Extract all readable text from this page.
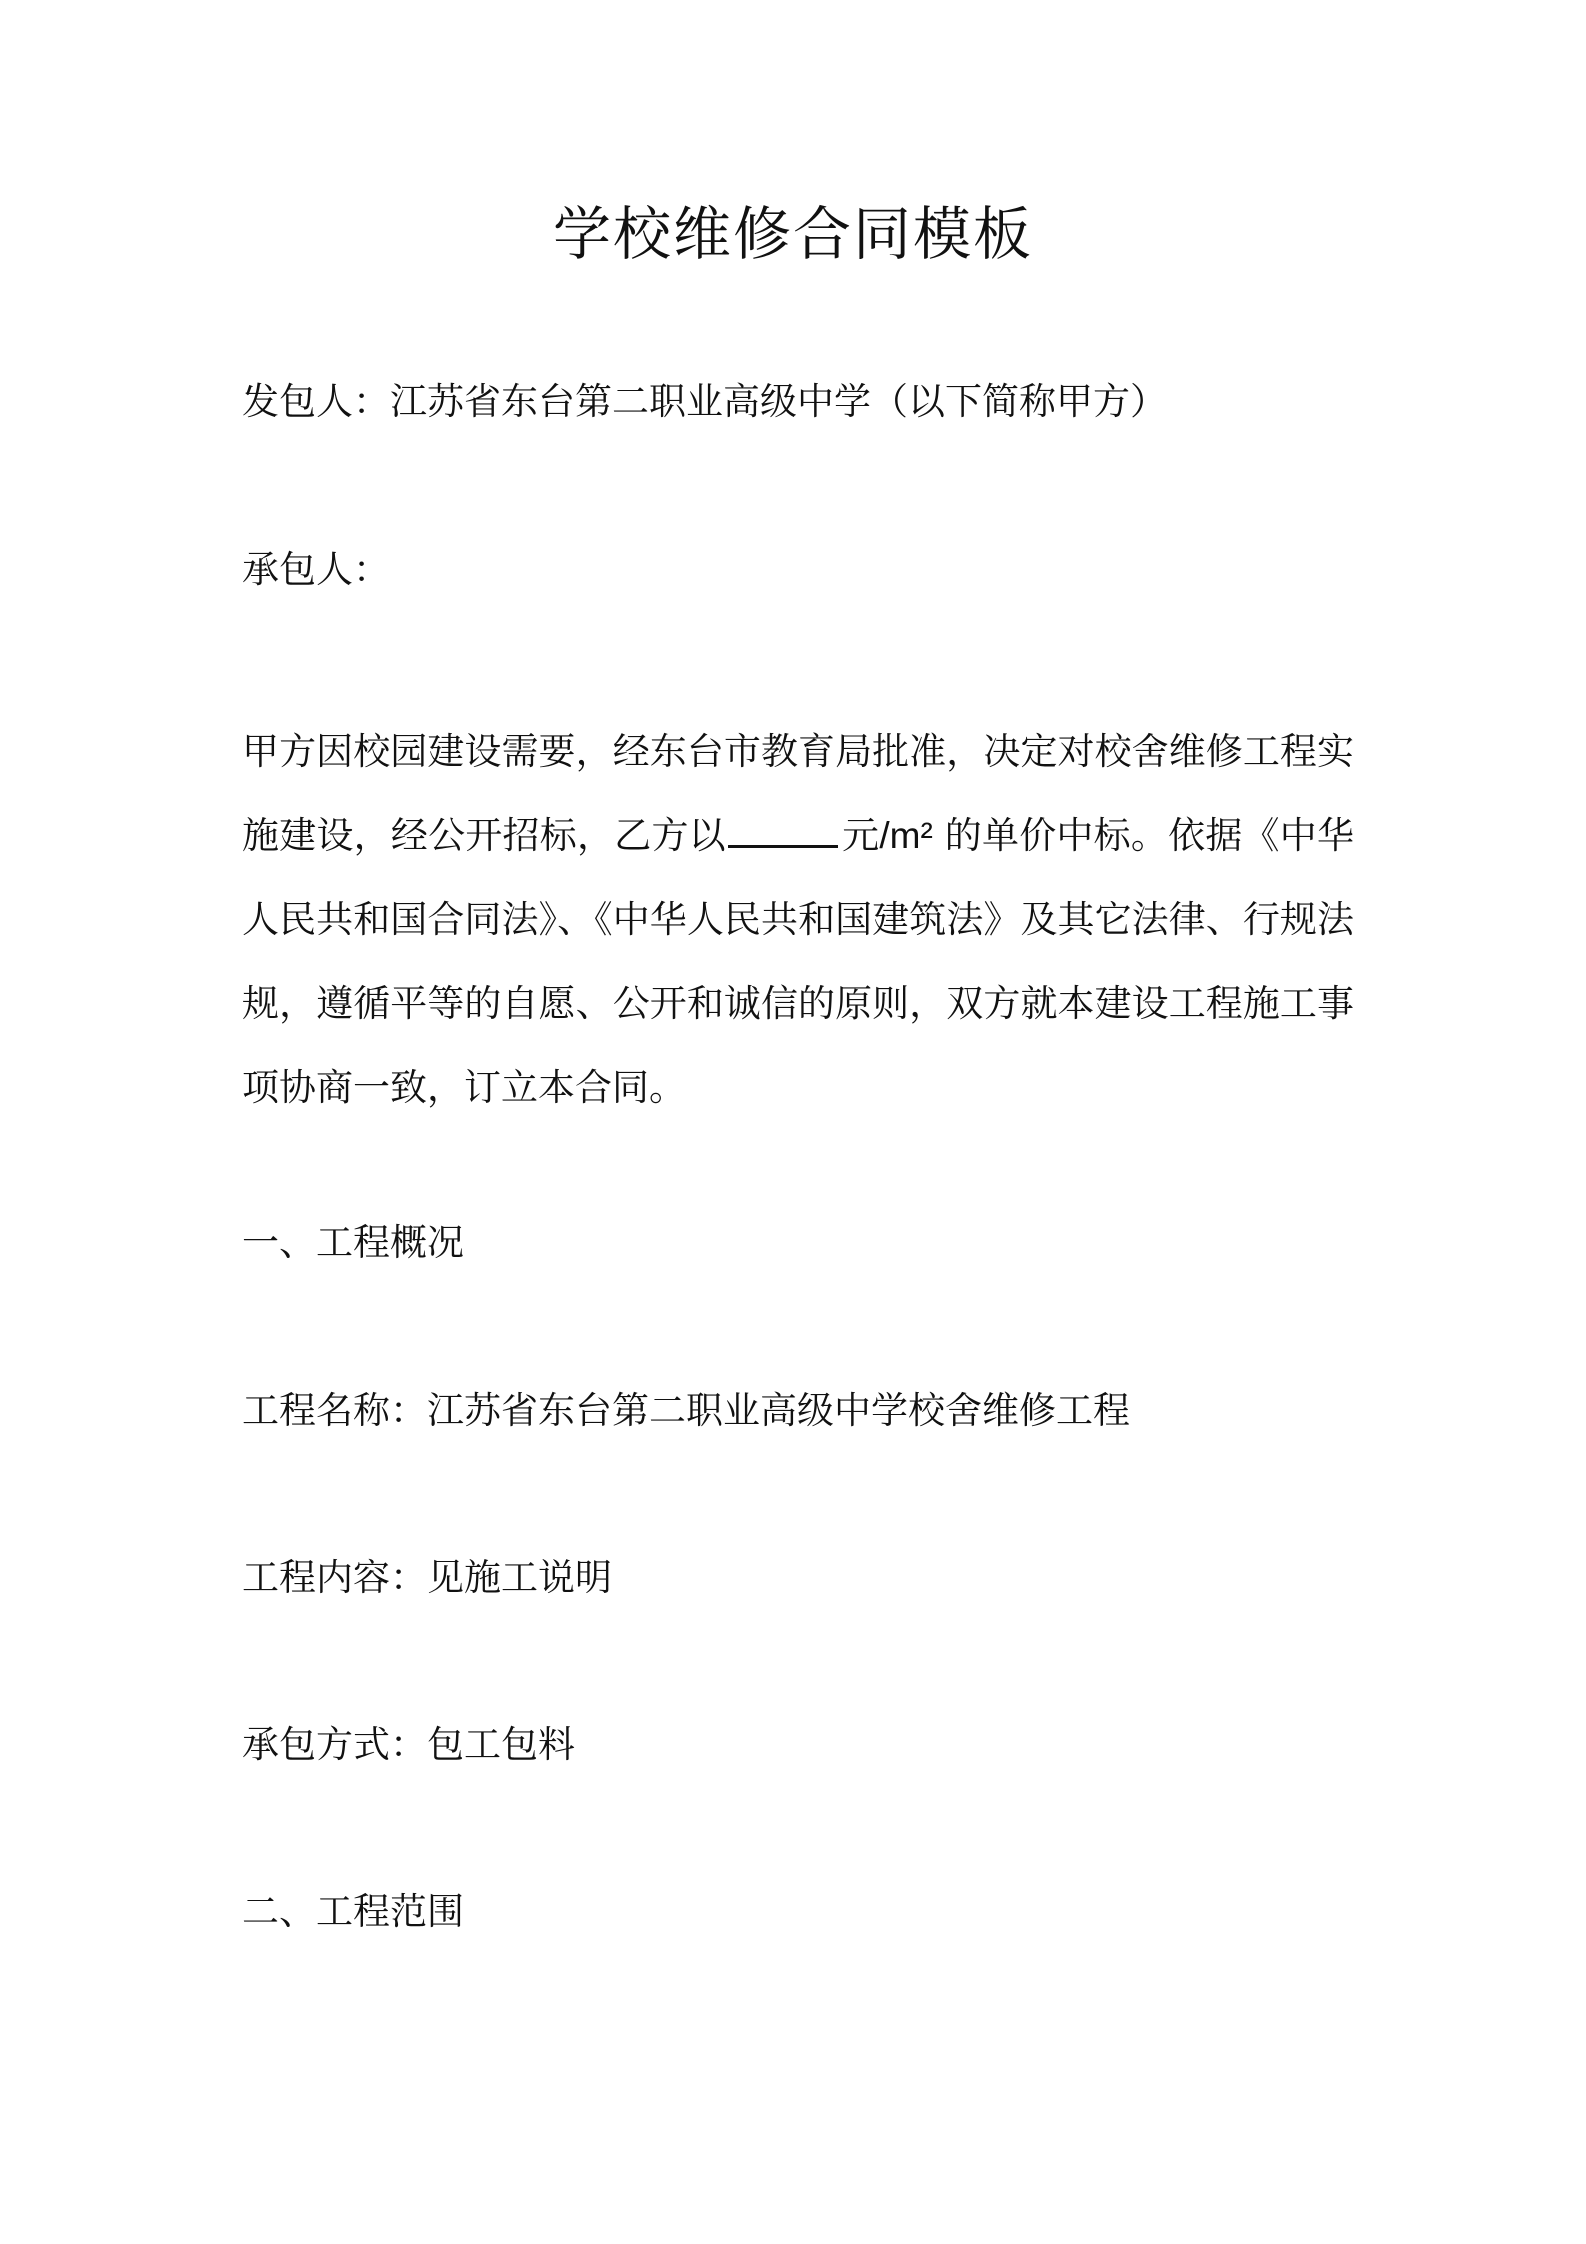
学校维修合同模板

发包人：江苏省东台第二职业高级中学（以下简称甲方）

承包人：

甲方因校园建设需要，经东台市教育局批准，决定对校舍维修工程实
施建设，经公开招标，乙方以	元/m² 的单价中标。依据《中华
人民共和国合同法》、《中华人民共和国建筑法》及其它法律、行规法
规，遵循平等的自愿、公开和诚信的原则，双方就本建设工程施工事
项协商一致，订立本合同。

一、工程概况

工程名称：江苏省东台第二职业高级中学校舍维修工程

工程内容：见施工说明

承包方式：包工包料

二、工程范围
